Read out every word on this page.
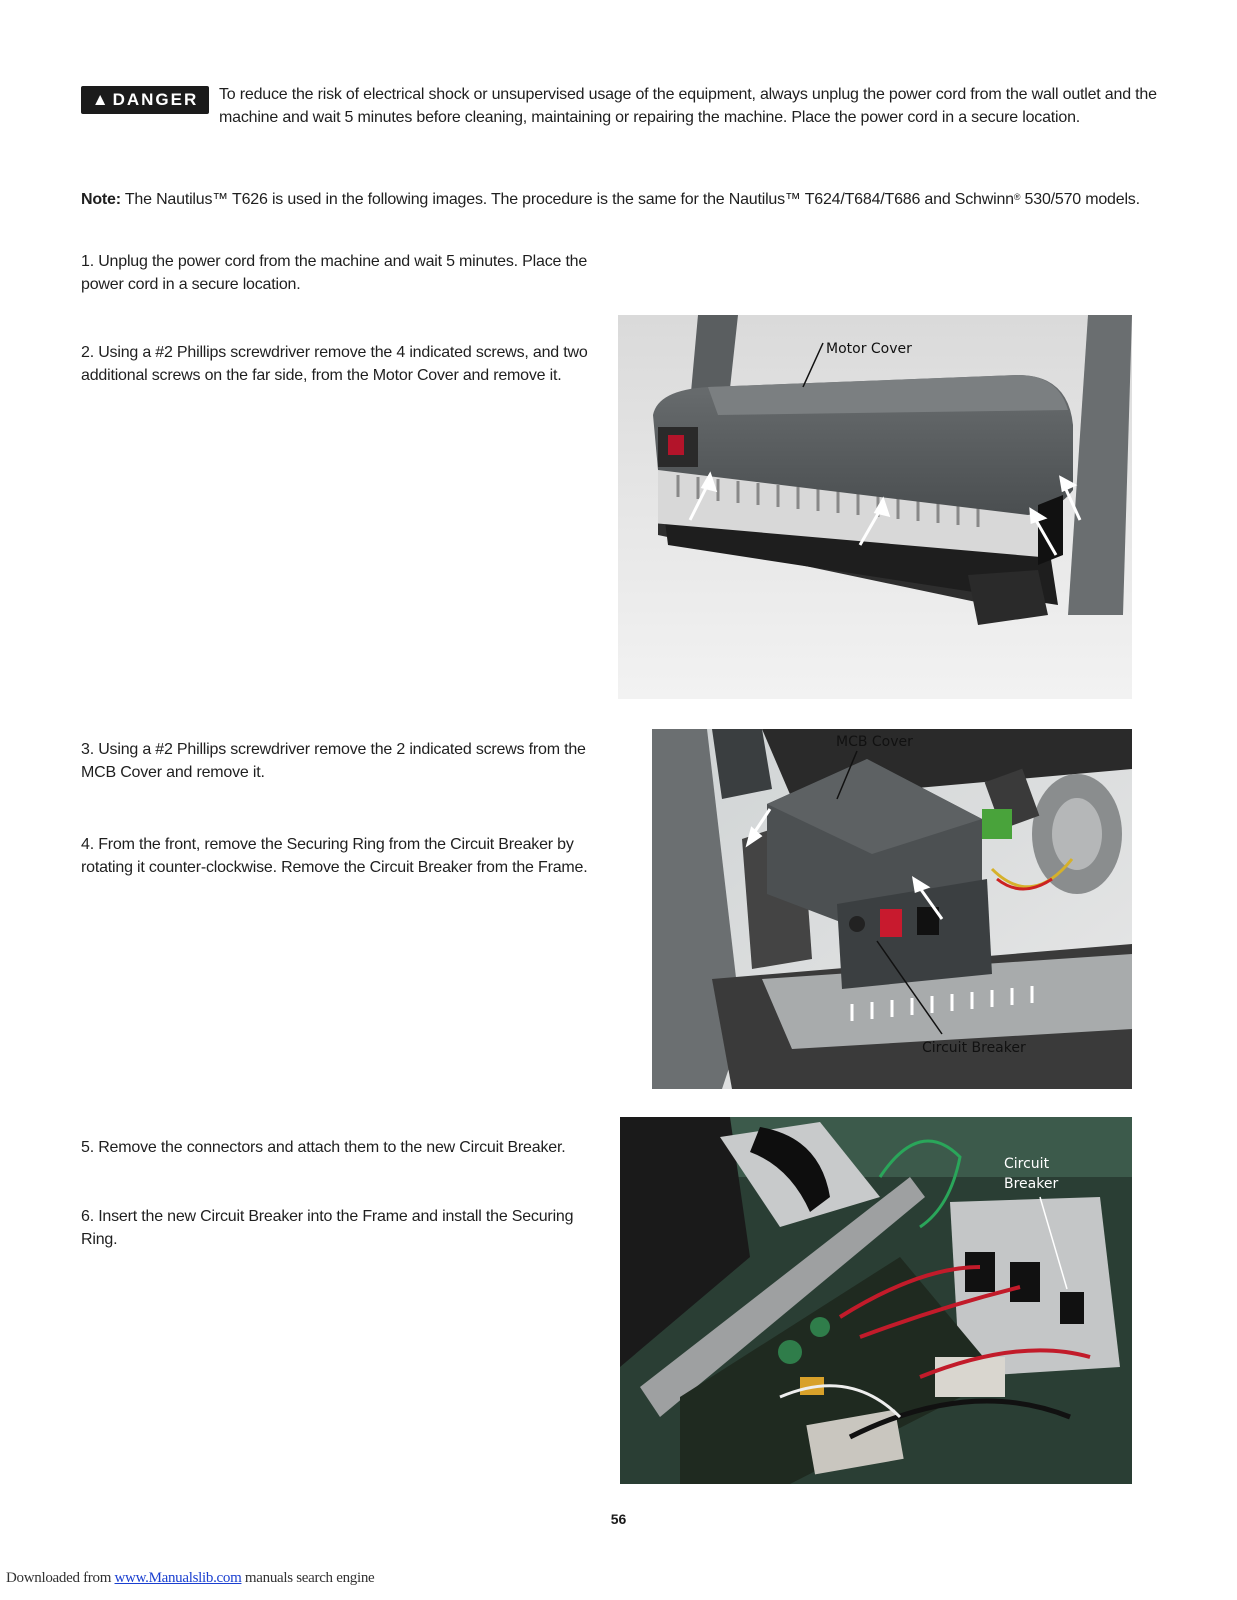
▲ DANGER To reduce the risk of electrical shock or unsupervised usage of the equipment, always unplug the power cord from the wall outlet and the machine and wait 5 minutes before cleaning, maintaining or repairing the machine. Place the power cord in a secure location.
Note: The Nautilus™ T626 is used in the following images. The procedure is the same for the Nautilus™ T624/T684/T686 and Schwinn® 530/570 models.
1. Unplug the power cord from the machine and wait 5 minutes. Place the power cord in a secure location.
2. Using a #2 Phillips screwdriver remove the 4 indicated screws, and two additional screws on the far side, from the Motor Cover and remove it.
3. Using a #2 Phillips screwdriver remove the 2 indicated screws from the MCB Cover and remove it.
4. From the front, remove the Securing Ring from the Circuit Breaker by rotating it counter-clockwise. Remove the Circuit Breaker from the Frame.
5. Remove the connectors and attach them to the new Circuit Breaker.
6. Insert the new Circuit Breaker into the Frame and install the Securing Ring.
Motor Cover
MCB Cover
Circuit Breaker
Circuit
Breaker
56
Downloaded from www.Manualslib.com manuals search engine
